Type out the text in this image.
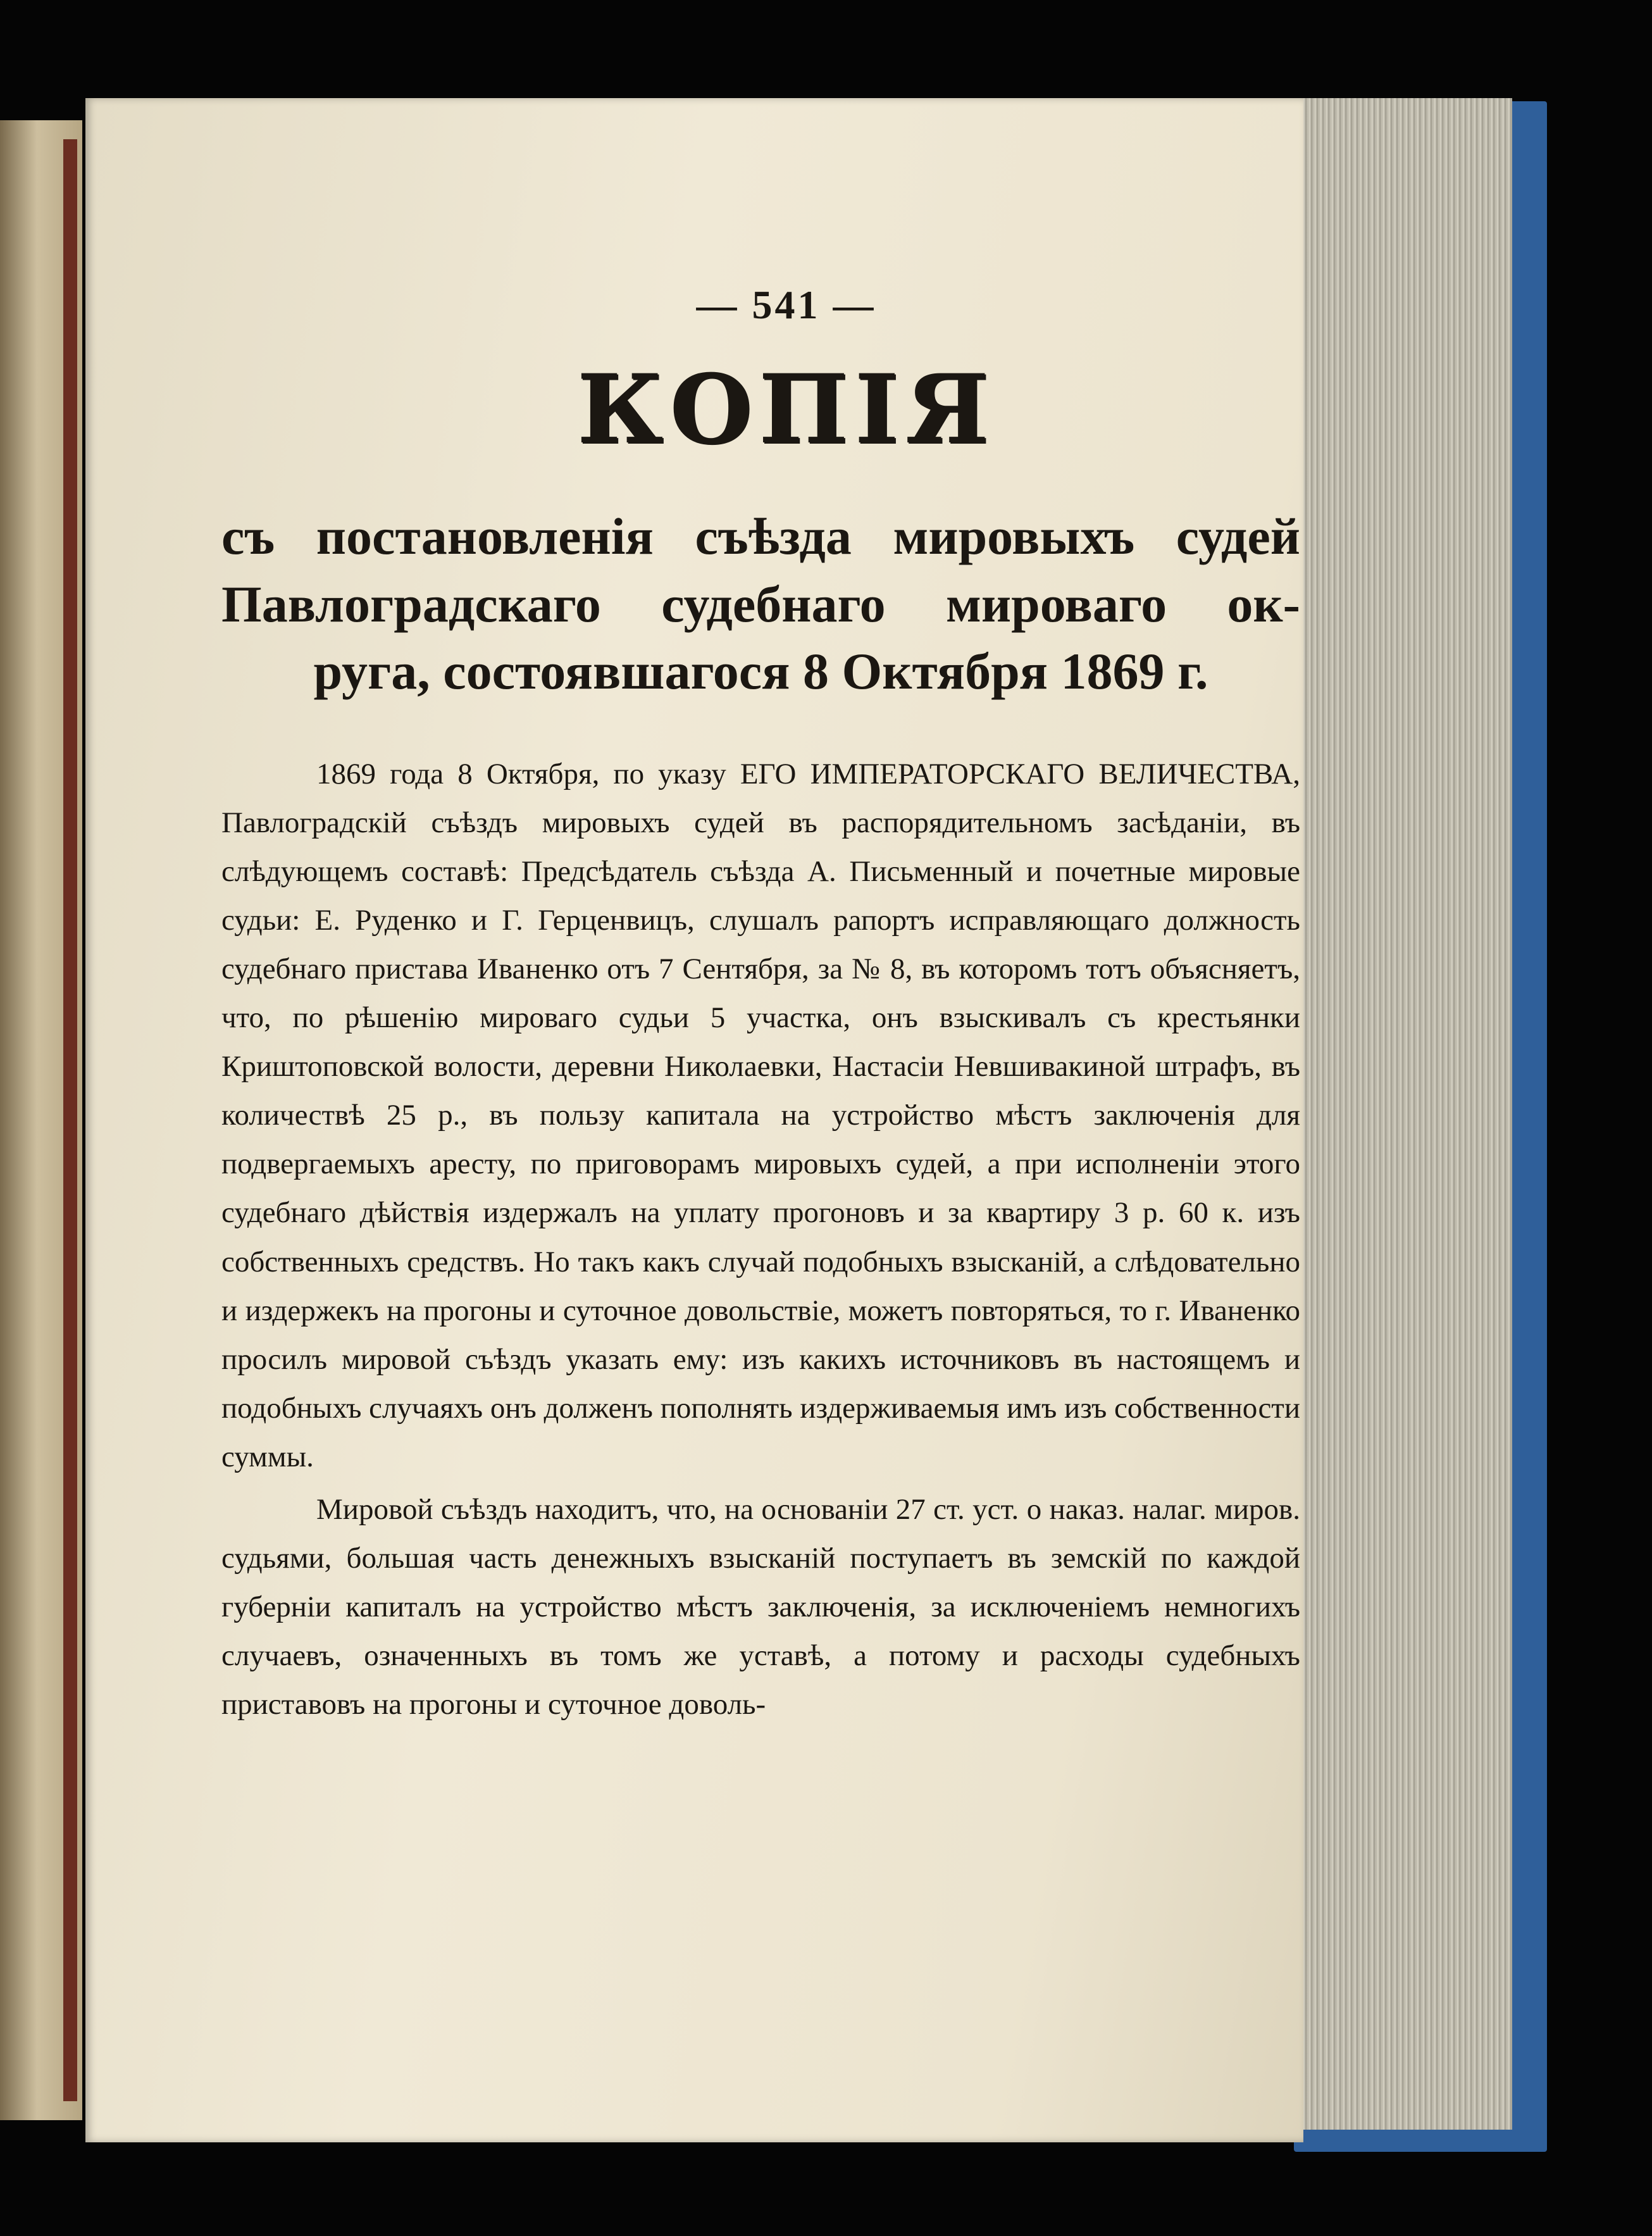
— 541 —
КОПІЯ
съ постановленія съѣзда мировыхъ судей
Павлоградскаго судебнаго мироваго ок-
руга, состоявшагося 8 Октября 1869 г.

1869 года 8 Октября, по указу ЕГО ИМПЕРАТОРСКАГО ВЕЛИЧЕСТВА, Павлоградскій съѣздъ мировыхъ судей въ распорядительномъ засѣданіи, въ слѣдующемъ составѣ: Предсѣдатель съѣзда А. Письменный и почетные мировые судьи: Е. Руденко и Г. Герценвицъ, слушалъ рапортъ исправляющаго должность судебнаго пристава Иваненко отъ 7 Сентября, за № 8, въ которомъ тотъ объясняетъ, что, по рѣшенію мироваго судьи 5 участка, онъ взыскивалъ съ крестьянки Криштоповской волости, деревни Николаевки, Настасіи Невшивакиной штрафъ, въ количествѣ 25 р., въ пользу капитала на устройство мѣстъ заключенія для подвергаемыхъ аресту, по приговорамъ мировыхъ судей, а при исполненіи этого судебнаго дѣйствія издержалъ на уплату прогоновъ и за квартиру 3 р. 60 к. изъ собственныхъ средствъ. Но такъ какъ случай подобныхъ взысканій, а слѣдовательно и издержекъ на прогоны и суточное довольствіе, можетъ повторяться, то г. Иваненко просилъ мировой съѣздъ указать ему: изъ какихъ источниковъ въ настоящемъ и подобныхъ случаяхъ онъ долженъ пополнять издерживаемыя имъ изъ собственности суммы.

Мировой съѣздъ находитъ, что, на основаніи 27 ст. уст. о наказ. налаг. миров. судьями, большая часть денежныхъ взысканій поступаетъ въ земскій по каждой губерніи капиталъ на устройство мѣстъ заключенія, за исключеніемъ немногихъ случаевъ, означенныхъ въ томъ же уставѣ, а потому и расходы судебныхъ приставовъ на прогоны и суточное доволь-
